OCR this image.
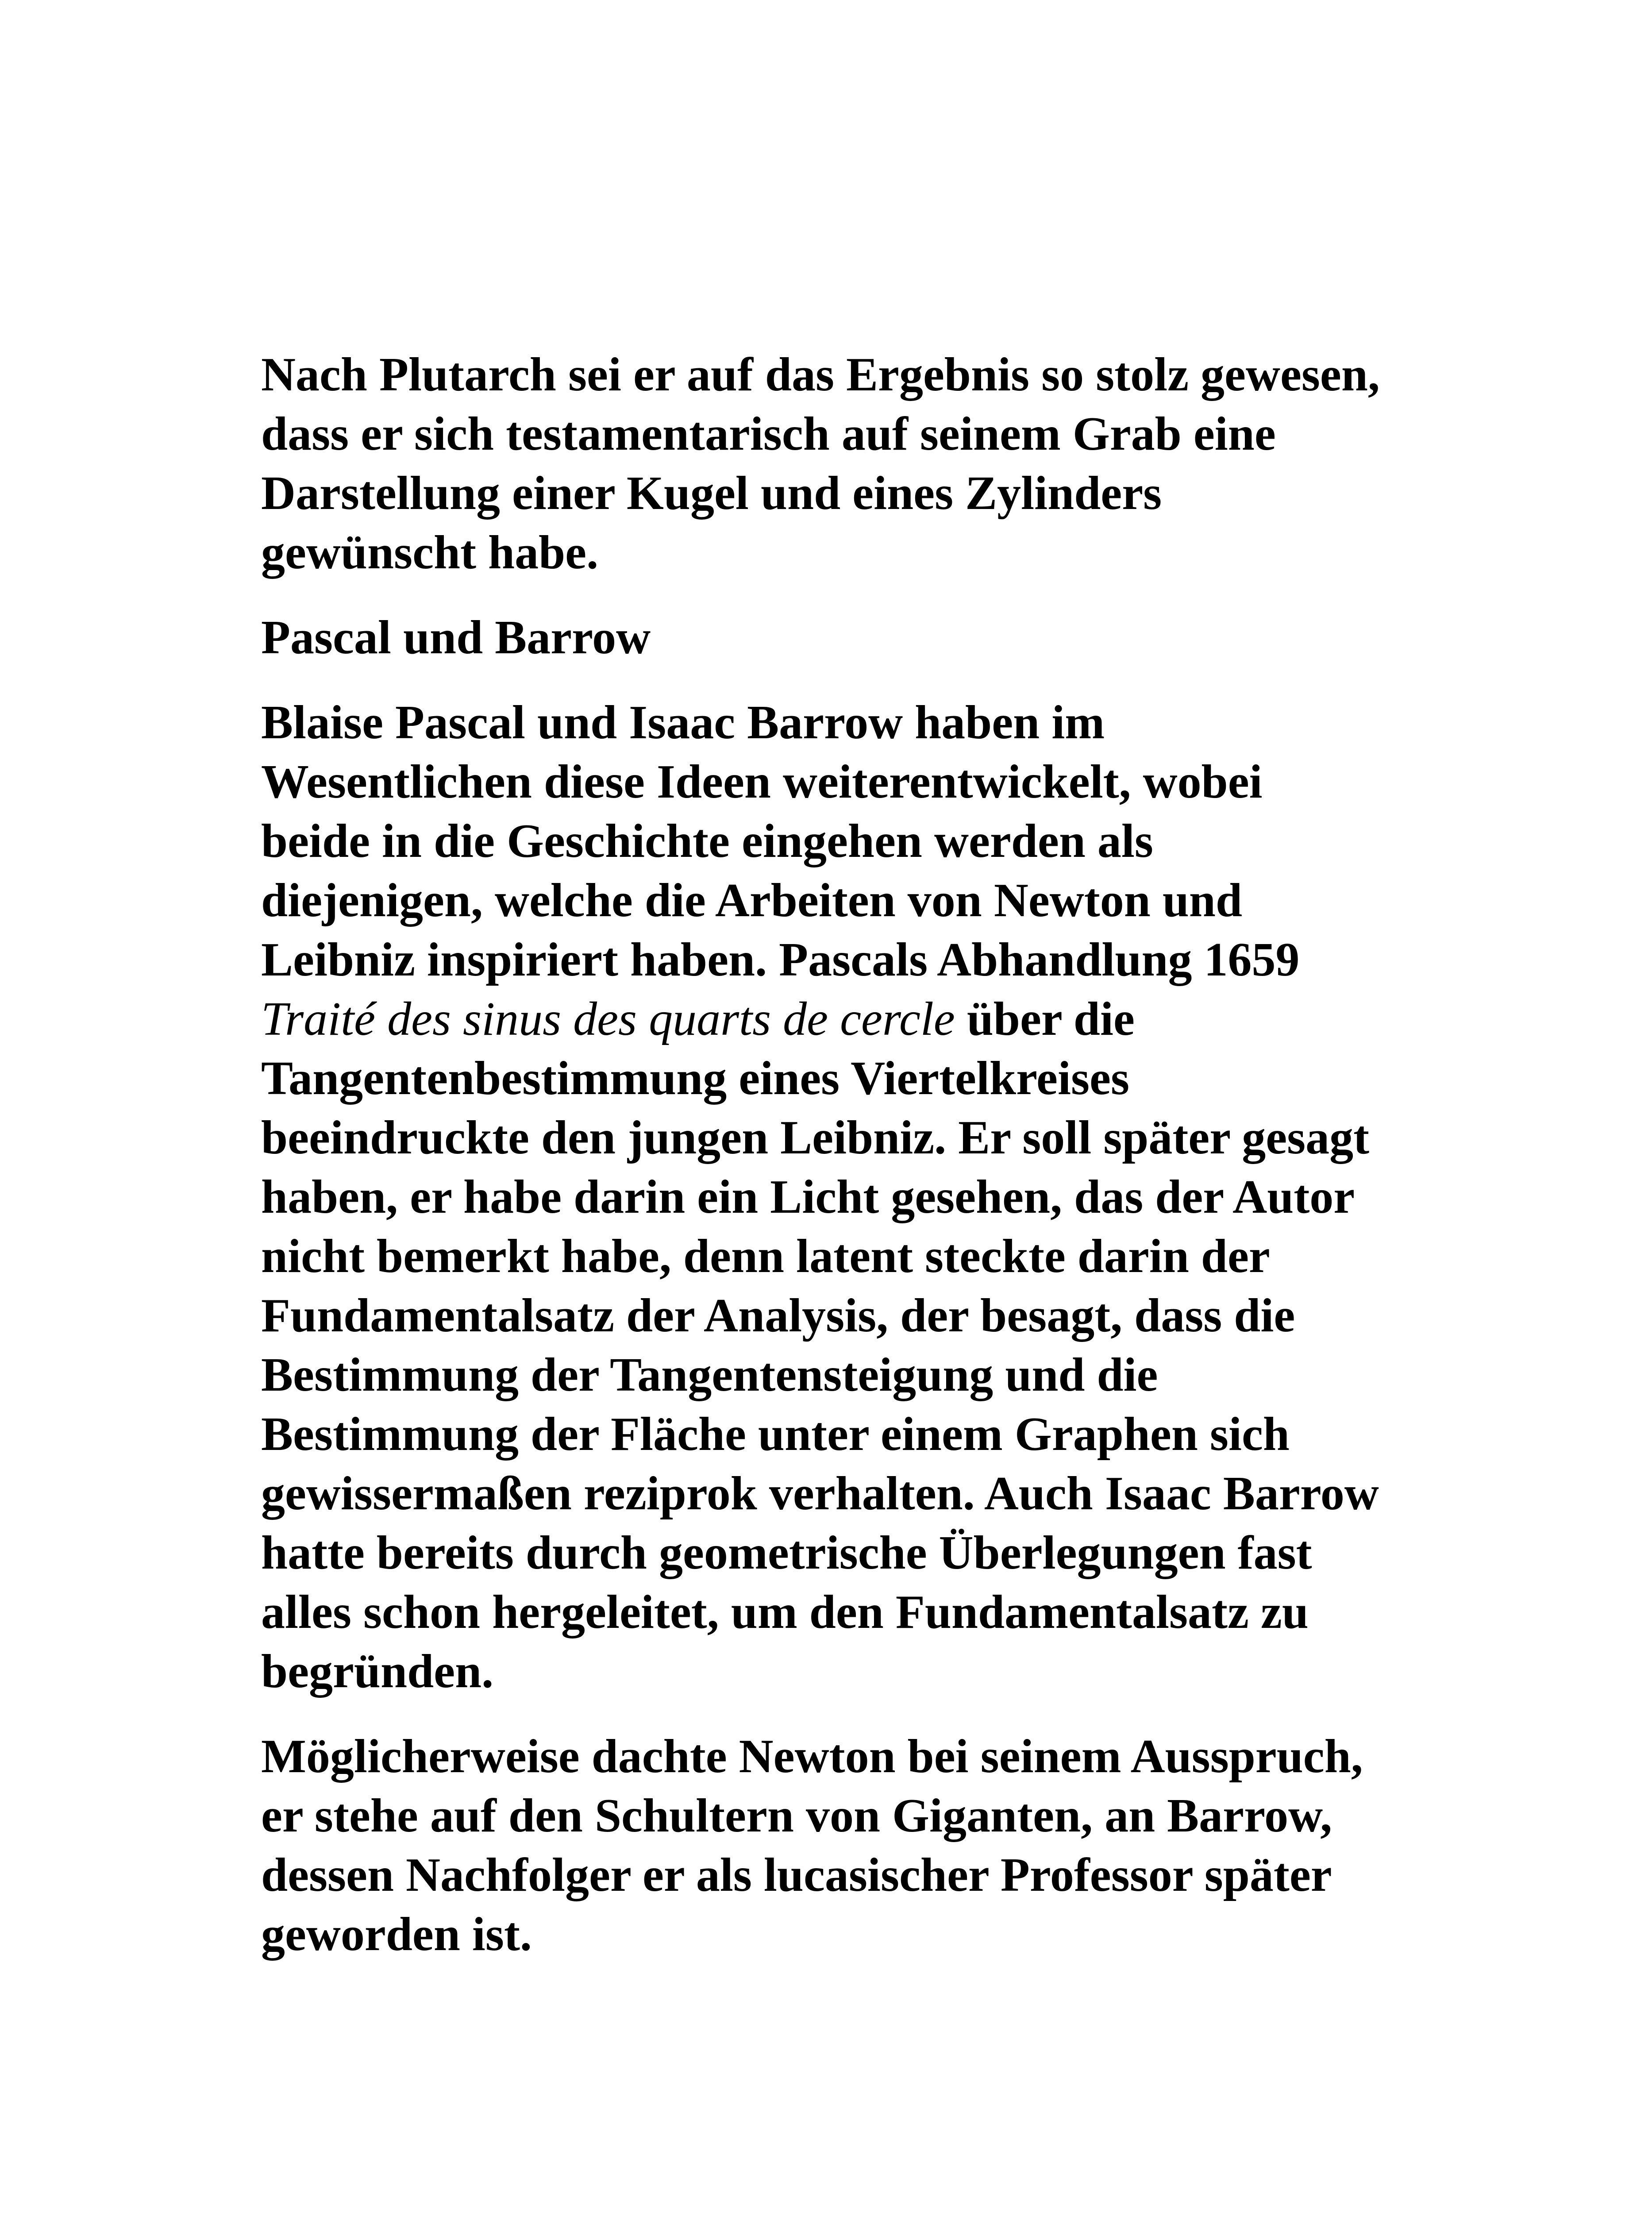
Nach Plutarch sei er auf das Ergebnis so stolz gewesen,
dass er sich testamentarisch auf seinem Grab eine
Darstellung einer Kugel und eines Zylinders
gewünscht habe.

Pascal und Barrow

Blaise Pascal und Isaac Barrow haben im
Wesentlichen diese Ideen weiterentwickelt, wobei
beide in die Geschichte eingehen werden als
diejenigen, welche die Arbeiten von Newton und
Leibniz inspiriert haben. Pascals Abhandlung 1659
Traité des sinus des quarts de cercle über die
Tangentenbestimmung eines Viertelkreises
beeindruckte den jungen Leibniz. Er soll später gesagt
haben, er habe darin ein Licht gesehen, das der Autor
nicht bemerkt habe, denn latent steckte darin der
Fundamentalsatz der Analysis, der besagt, dass die
Bestimmung der Tangentensteigung und die
Bestimmung der Fläche unter einem Graphen sich
gewissermaßen reziprok verhalten. Auch Isaac Barrow
hatte bereits durch geometrische Überlegungen fast
alles schon hergeleitet, um den Fundamentalsatz zu
begründen.

Möglicherweise dachte Newton bei seinem Ausspruch,
er stehe auf den Schultern von Giganten, an Barrow,
dessen Nachfolger er als lucasischer Professor später
geworden ist.
